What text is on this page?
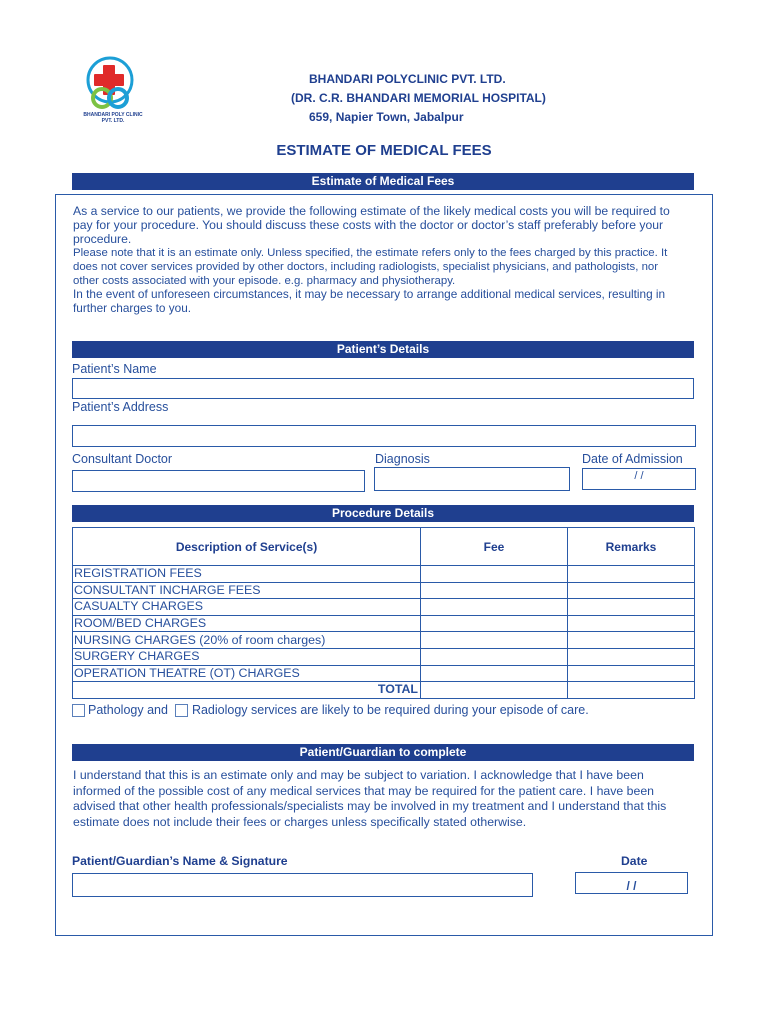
BHANDARI POLY CLINIC PVT. LTD.
BHANDARI POLYCLINIC PVT. LTD.
(DR. C.R. BHANDARI MEMORIAL HOSPITAL)
659, Napier Town, Jabalpur
ESTIMATE OF MEDICAL FEES
Estimate of Medical Fees
As a service to our patients, we provide the following estimate of the likely medical costs you will be required to pay for your procedure. You should discuss these costs with the doctor or doctor’s staff preferably before your procedure.
Please note that it is an estimate only. Unless specified, the estimate refers only to the fees charged by this practice. It does not cover services provided by other doctors, including radiologists, specialist physicians, and pathologists, nor other costs associated with your episode. e.g. pharmacy and physiotherapy.
In the event of unforeseen circumstances, it may be necessary to arrange additional medical services, resulting in further charges to you.
Patient’s Details
Patient’s Name
Patient’s Address
Consultant Doctor	Diagnosis	Date of Admission
/ /
Procedure Details
Description of Service(s)	Fee	Remarks
REGISTRATION FEES		
CONSULTANT INCHARGE FEES		
CASUALTY CHARGES		
ROOM/BED CHARGES		
NURSING CHARGES (20% of room charges)		
SURGERY CHARGES		
OPERATION THEATRE (OT) CHARGES		
TOTAL		
Pathology and Radiology services are likely to be required during your episode of care.
Patient/Guardian to complete
I understand that this is an estimate only and may be subject to variation. I acknowledge that I have been informed of the possible cost of any medical services that may be required for the patient care. I have been advised that other health professionals/specialists may be involved in my treatment and I understand that this estimate does not include their fees or charges unless specifically stated otherwise.
Patient/Guardian’s Name & Signature	Date
/ /
